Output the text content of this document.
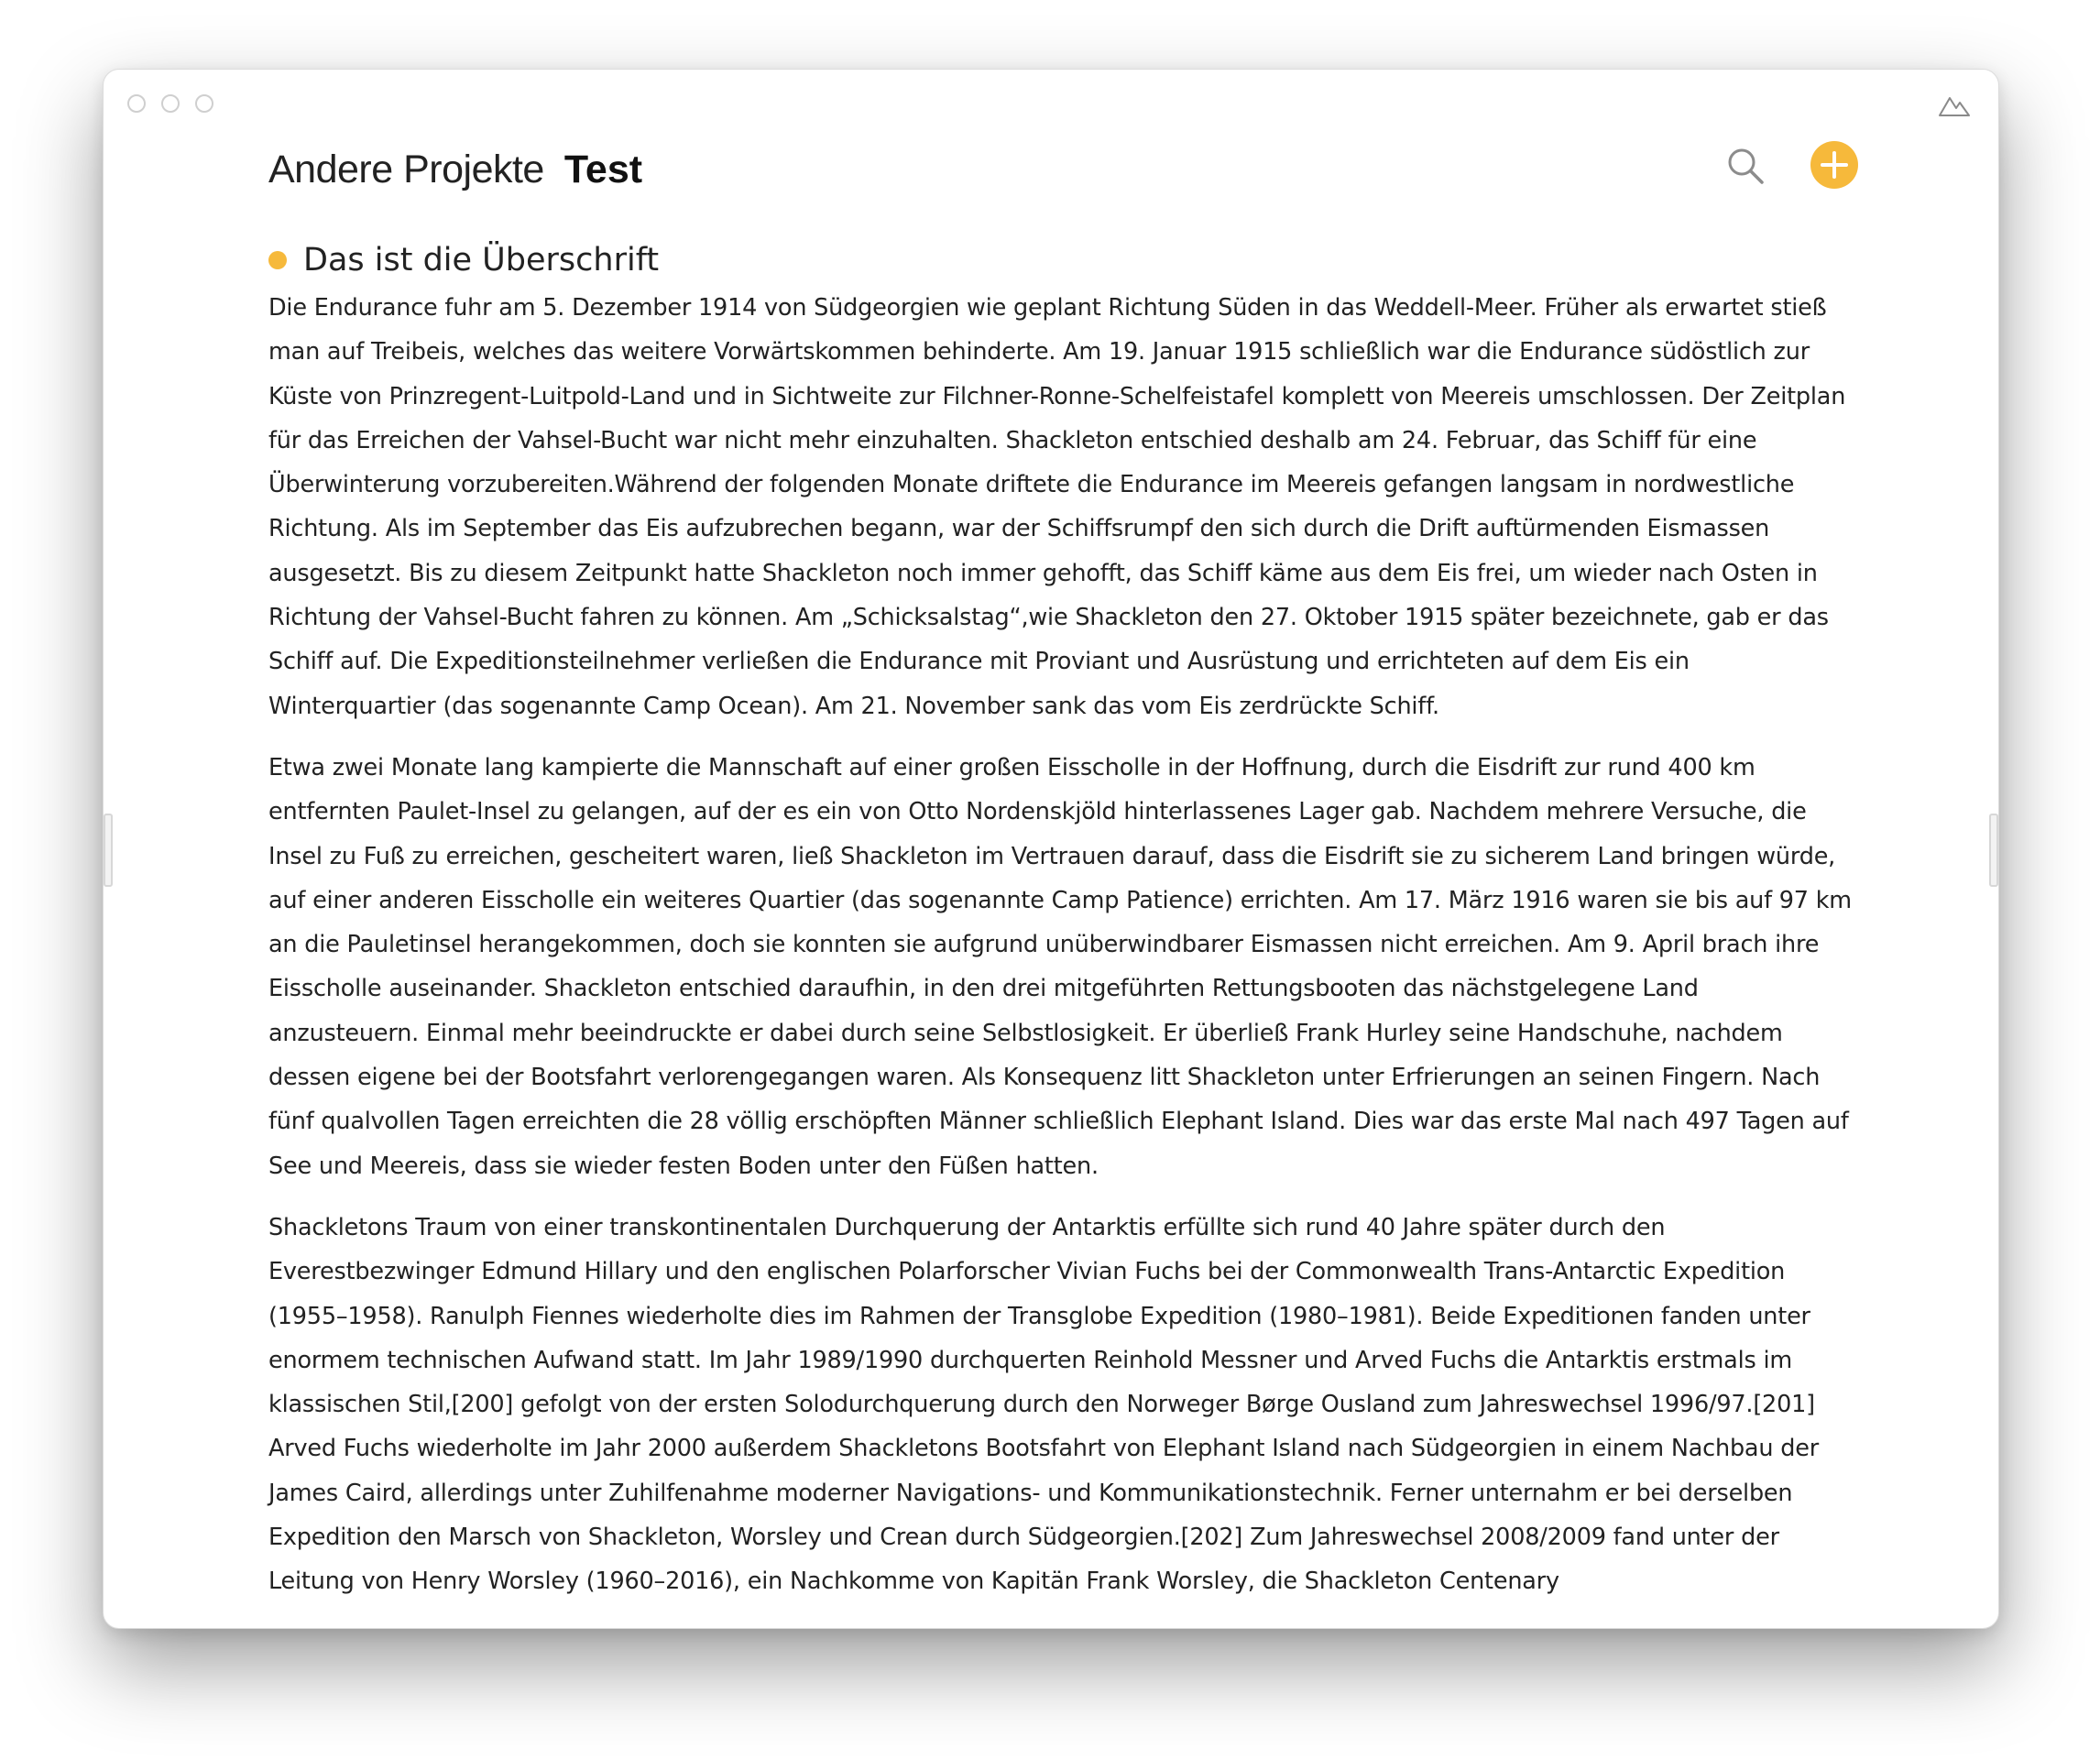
Andere Projekte Test
Das ist die Überschrift

Die Endurance fuhr am 5. Dezember 1914 von Südgeorgien wie geplant Richtung Süden in das Weddell-Meer. Früher als erwartet stieß man auf Treibeis, welches das weitere Vorwärtskommen behinderte. Am 19. Januar 1915 schließlich war die Endurance südöstlich zur Küste von Prinzregent-Luitpold-Land und in Sichtweite zur Filchner-Ronne-Schelfeistafel komplett von Meereis umschlossen. Der Zeitplan für das Erreichen der Vahsel-Bucht war nicht mehr einzuhalten. Shackleton entschied deshalb am 24. Februar, das Schiff für eine Überwinterung vorzubereiten.Während der folgenden Monate driftete die Endurance im Meereis gefangen langsam in nordwestliche Richtung. Als im September das Eis aufzubrechen begann, war der Schiffsrumpf den sich durch die Drift auftürmenden Eismassen ausgesetzt. Bis zu diesem Zeitpunkt hatte Shackleton noch immer gehofft, das Schiff käme aus dem Eis frei, um wieder nach Osten in Richtung der Vahsel-Bucht fahren zu können. Am „Schicksalstag“,wie Shackleton den 27. Oktober 1915 später bezeichnete, gab er das Schiff auf. Die Expeditionsteilnehmer verließen die Endurance mit Proviant und Ausrüstung und errichteten auf dem Eis ein Winterquartier (das sogenannte Camp Ocean). Am 21. November sank das vom Eis zerdrückte Schiff.

Etwa zwei Monate lang kampierte die Mannschaft auf einer großen Eisscholle in der Hoffnung, durch die Eisdrift zur rund 400 km entfernten Paulet-Insel zu gelangen, auf der es ein von Otto Nordenskjöld hinterlassenes Lager gab. Nachdem mehrere Versuche, die Insel zu Fuß zu erreichen, gescheitert waren, ließ Shackleton im Vertrauen darauf, dass die Eisdrift sie zu sicherem Land bringen würde, auf einer anderen Eisscholle ein weiteres Quartier (das sogenannte Camp Patience) errichten. Am 17. März 1916 waren sie bis auf 97 km an die Pauletinsel herangekommen, doch sie konnten sie aufgrund unüberwindbarer Eismassen nicht erreichen. Am 9. April brach ihre Eisscholle auseinander. Shackleton entschied daraufhin, in den drei mitgeführten Rettungsbooten das nächstgelegene Land anzusteuern. Einmal mehr beeindruckte er dabei durch seine Selbstlosigkeit. Er überließ Frank Hurley seine Handschuhe, nachdem dessen eigene bei der Bootsfahrt verlorengegangen waren. Als Konsequenz litt Shackleton unter Erfrierungen an seinen Fingern. Nach fünf qualvollen Tagen erreichten die 28 völlig erschöpften Männer schließlich Elephant Island. Dies war das erste Mal nach 497 Tagen auf See und Meereis, dass sie wieder festen Boden unter den Füßen hatten.

Shackletons Traum von einer transkontinentalen Durchquerung der Antarktis erfüllte sich rund 40 Jahre später durch den Everestbezwinger Edmund Hillary und den englischen Polarforscher Vivian Fuchs bei der Commonwealth Trans-Antarctic Expedition (1955–1958). Ranulph Fiennes wiederholte dies im Rahmen der Transglobe Expedition (1980–1981). Beide Expeditionen fanden unter enormem technischen Aufwand statt. Im Jahr 1989/1990 durchquerten Reinhold Messner und Arved Fuchs die Antarktis erstmals im klassischen Stil,[200] gefolgt von der ersten Solodurchquerung durch den Norweger Børge Ousland zum Jahreswechsel 1996/97.[201] Arved Fuchs wiederholte im Jahr 2000 außerdem Shackletons Bootsfahrt von Elephant Island nach Südgeorgien in einem Nachbau der James Caird, allerdings unter Zuhilfenahme moderner Navigations- und Kommunikationstechnik. Ferner unternahm er bei derselben Expedition den Marsch von Shackleton, Worsley und Crean durch Südgeorgien.[202] Zum Jahreswechsel 2008/2009 fand unter der Leitung von Henry Worsley (1960–2016), ein Nachkomme von Kapitän Frank Worsley, die Shackleton Centenary
